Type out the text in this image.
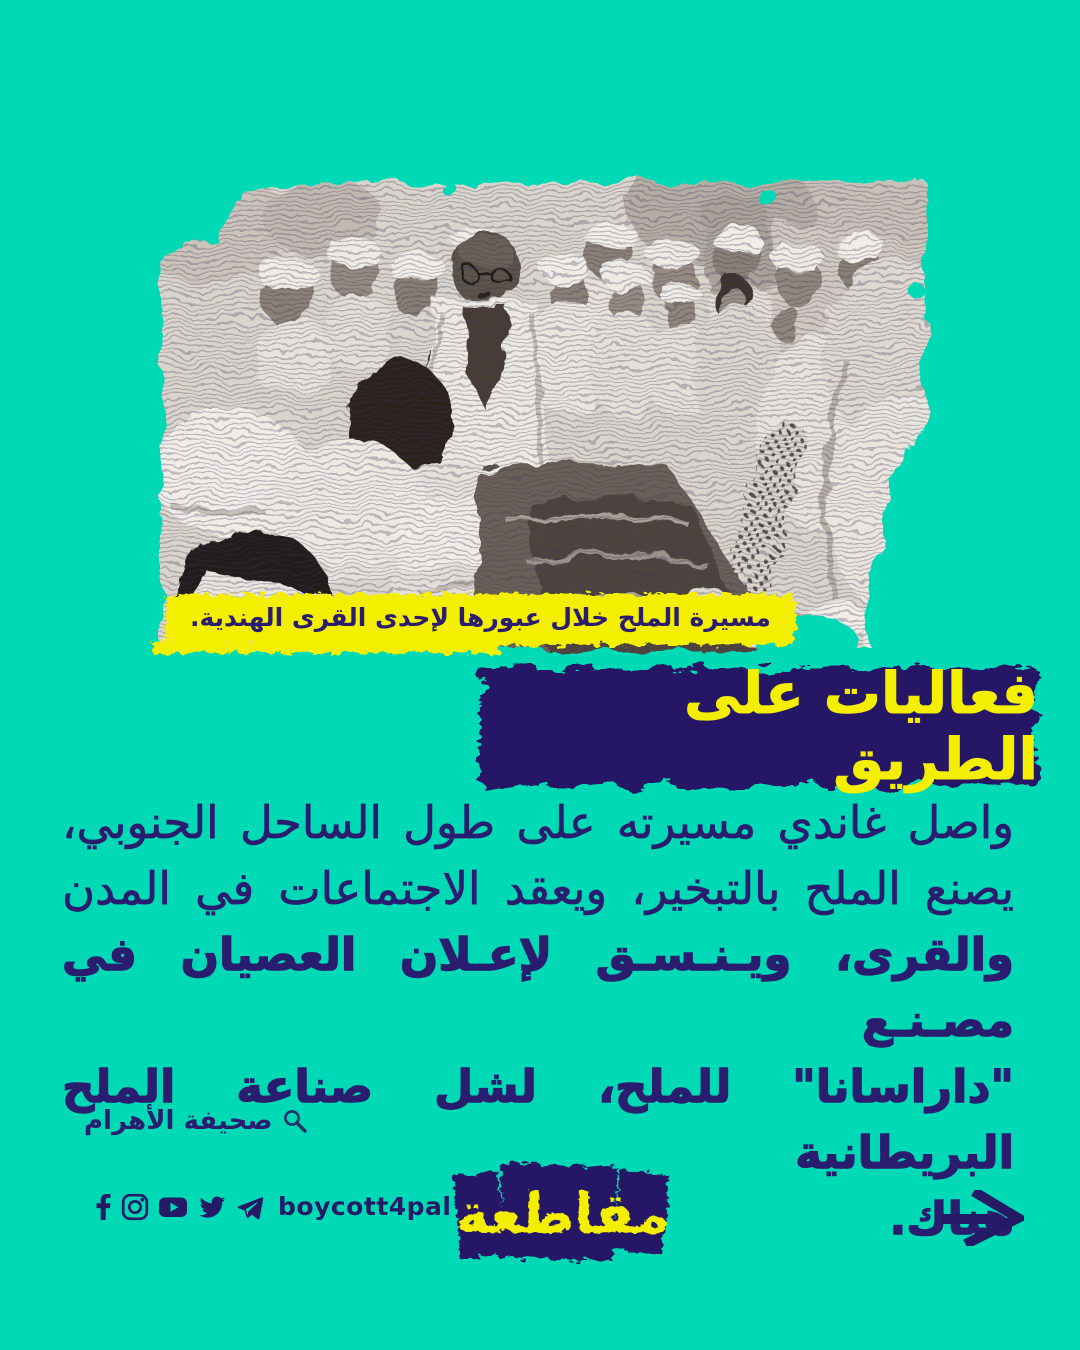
مسيرة الملح خلال عبورها لإحدى القرى الهندية.
فعاليات على الطريق
واصل غاندي مسيرته على طول الساحل الجنوبي،
يصنع الملح بالتبخير، ويعقد الاجتماعات في المدن
والقرى، ويـنـسـق لإعـلان العصيان في مصـنـع
"داراسانا" للملح، لشل صناعة الملح البريطانية
هناك.
صحيفة الأهرام
boycott4pal مقاطعة
